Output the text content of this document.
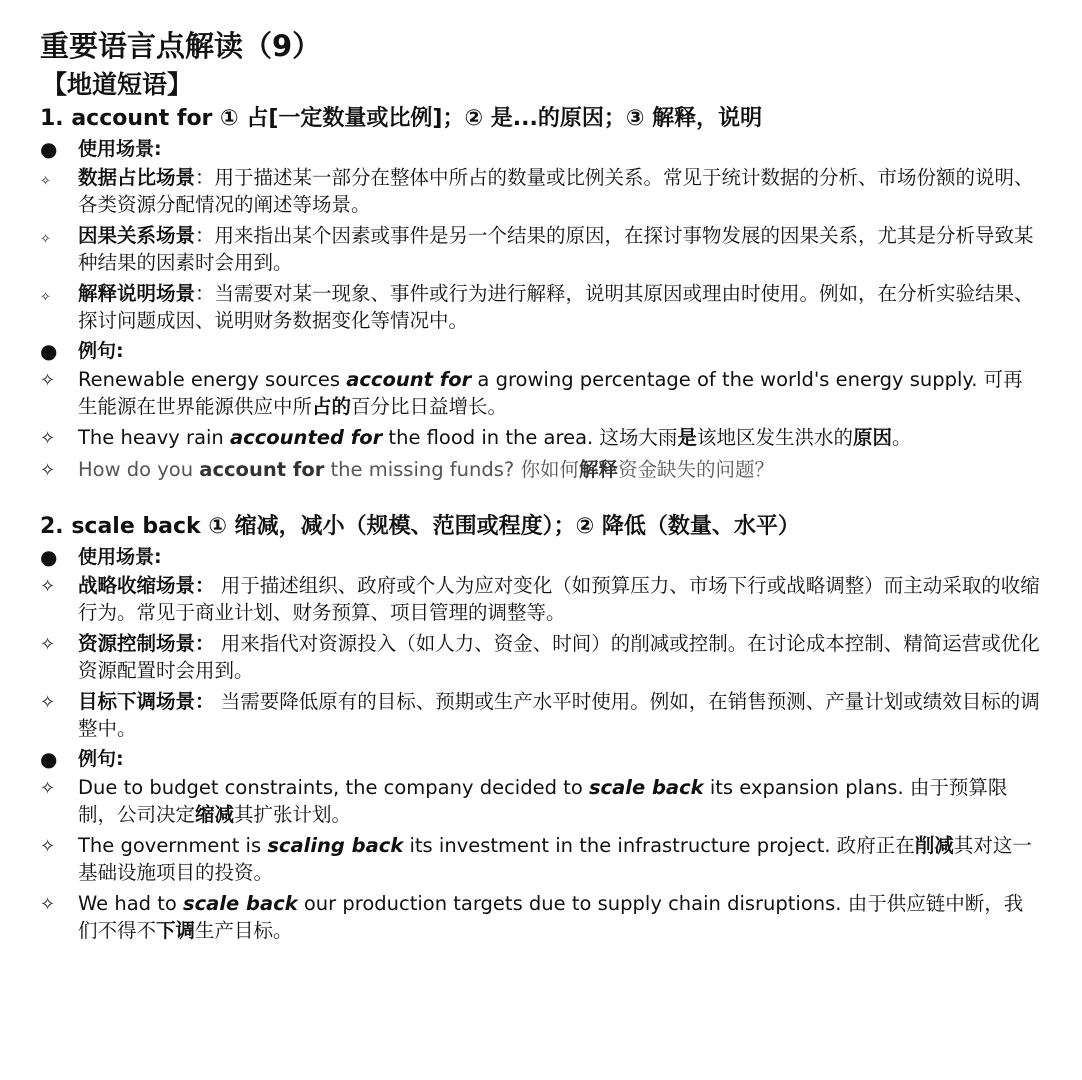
重要语言点解读（9）
【地道短语】
1. account for ① 占[一定数量或比例]；② 是...的原因；③ 解释，说明
●	使用场景:
✧	数据占比场景：用于描述某一部分在整体中所占的数量或比例关系。常见于统计数据的分析、市场份额的说明、各类资源分配情况的阐述等场景。
✧	因果关系场景：用来指出某个因素或事件是另一个结果的原因，在探讨事物发展的因果关系，尤其是分析导致某种结果的因素时会用到。
✧	解释说明场景：当需要对某一现象、事件或行为进行解释，说明其原因或理由时使用。例如，在分析实验结果、探讨问题成因、说明财务数据变化等情况中。
●	例句:
✧	Renewable energy sources account for a growing percentage of the world's energy supply. 可再生能源在世界能源供应中所占的百分比日益增长。
✧	The heavy rain accounted for the flood in the area. 这场大雨是该地区发生洪水的原因。
✧	How do you account for the missing funds? 你如何解释资金缺失的问题？
2. scale back ① 缩减，减小（规模、范围或程度）；② 降低（数量、水平）
●	使用场景:
✧	战略收缩场景： 用于描述组织、政府或个人为应对变化（如预算压力、市场下行或战略调整）而主动采取的收缩行为。常见于商业计划、财务预算、项目管理的调整等。
✧	资源控制场景： 用来指代对资源投入（如人力、资金、时间）的削减或控制。在讨论成本控制、精简运营或优化资源配置时会用到。
✧	目标下调场景： 当需要降低原有的目标、预期或生产水平时使用。例如，在销售预测、产量计划或绩效目标的调整中。
●	例句:
✧	Due to budget constraints, the company decided to scale back its expansion plans. 由于预算限制，公司决定缩减其扩张计划。
✧	The government is scaling back its investment in the infrastructure project. 政府正在削减其对这一基础设施项目的投资。
✧	We had to scale back our production targets due to supply chain disruptions. 由于供应链中断，我们不得不下调生产目标。
